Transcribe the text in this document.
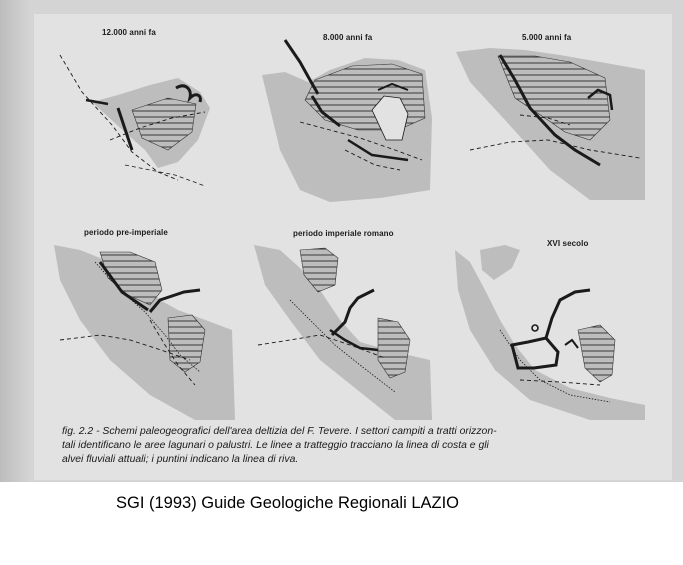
12.000 anni fa
8.000 anni fa	5.000 anni fa
periodo pre-imperiale	periodo imperiale romano
XVI secolo
fig. 2.2 - Schemi paleogeografici dell'area deltizia del F. Tevere. I settori campiti a tratti orizzon-
tali identificano le aree lagunari o palustri. Le linee a tratteggio tracciano la linea di costa e gli
alvei fluviali attuali; i puntini indicano la linea di riva.
SGI (1993) Guide Geologiche Regionali LAZIO
